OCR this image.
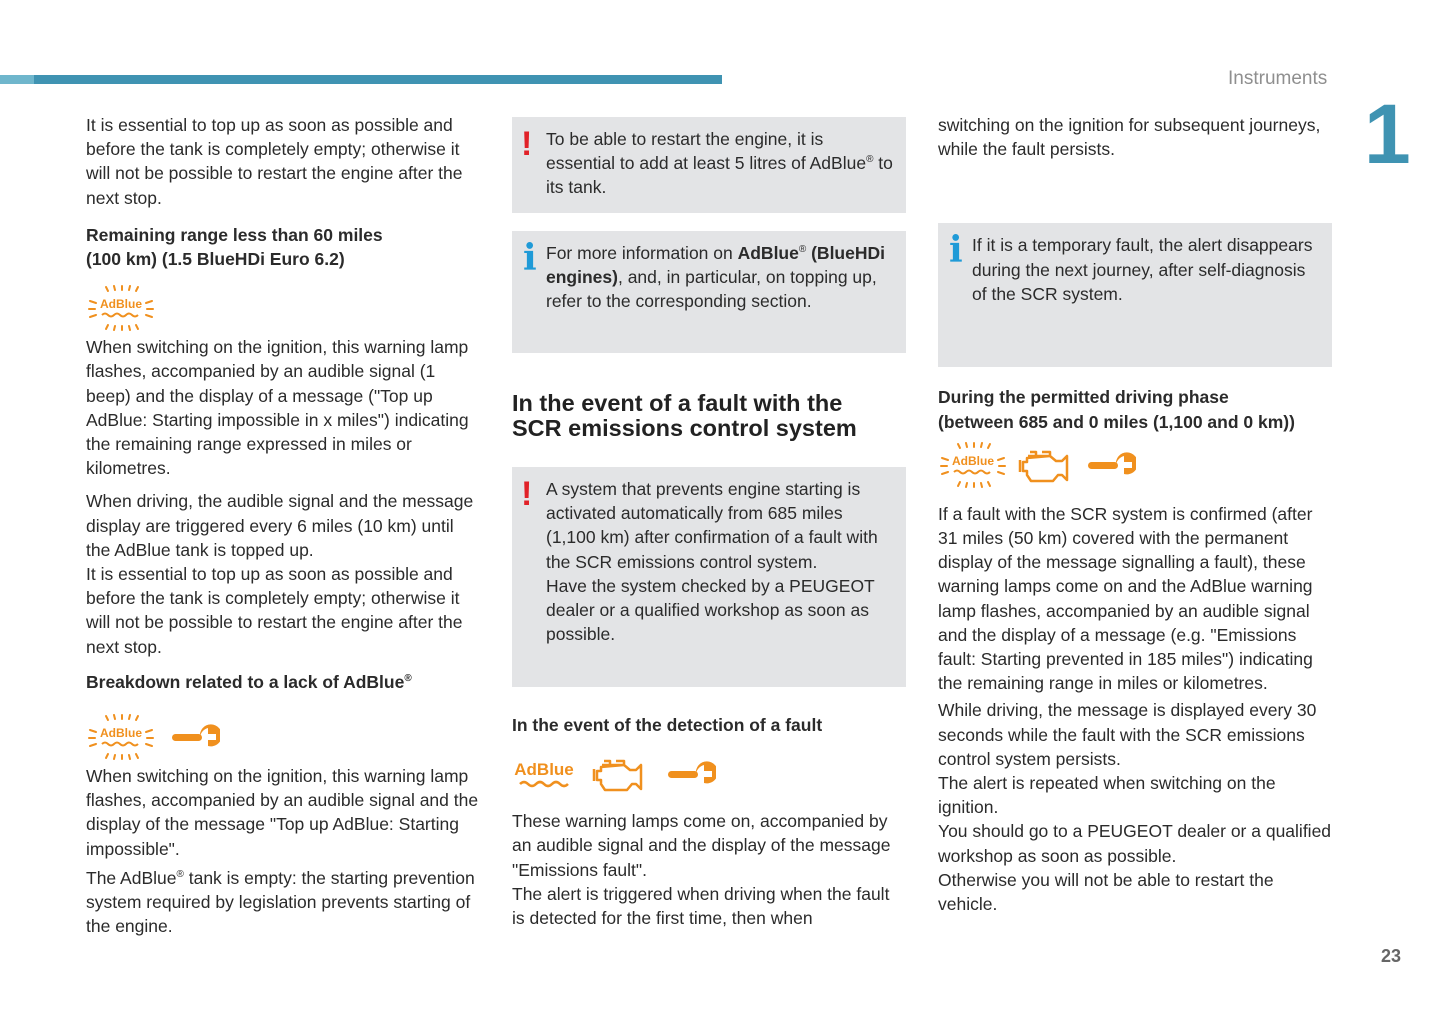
Instruments
1
23

It is essential to top up as soon as possible and before the tank is completely empty; otherwise it will not be possible to restart the engine after the next stop.

Remaining range less than 60 miles
(100 km) (1.5 BlueHDi Euro 6.2)

AdBlue

When switching on the ignition, this warning lamp flashes, accompanied by an audible signal (1 beep) and the display of a message ("Top up AdBlue: Starting impossible in x miles") indicating the remaining range expressed in miles or kilometres.

When driving, the audible signal and the message display are triggered every 6 miles (10 km) until the AdBlue tank is topped up.

It is essential to top up as soon as possible and before the tank is completely empty; otherwise it will not be possible to restart the engine after the next stop.

Breakdown related to a lack of AdBlue®

AdBlue

When switching on the ignition, this warning lamp flashes, accompanied by an audible signal and the display of the message "Top up AdBlue: Starting impossible".

The AdBlue® tank is empty: the starting prevention system required by legislation prevents starting of the engine.

! To be able to restart the engine, it is essential to add at least 5 litres of AdBlue® to its tank.

i For more information on AdBlue® (BlueHDi engines), and, in particular, on topping up, refer to the corresponding section.

In the event of a fault with the
SCR emissions control system
! A system that prevents engine starting is activated automatically from 685 miles (1,100 km) after confirmation of a fault with the SCR emissions control system.

Have the system checked by a PEUGEOT dealer or a qualified workshop as soon as possible.

In the event of the detection of a fault

AdBlue

These warning lamps come on, accompanied by an audible signal and the display of the message "Emissions fault".

The alert is triggered when driving when the fault is detected for the first time, then when

switching on the ignition for subsequent journeys, while the fault persists.

i If it is a temporary fault, the alert disappears during the next journey, after self-diagnosis of the SCR system.

During the permitted driving phase
(between 685 and 0 miles (1,100 and 0 km))

AdBlue

If a fault with the SCR system is confirmed (after 31 miles (50 km) covered with the permanent display of the message signalling a fault), these warning lamps come on and the AdBlue warning lamp flashes, accompanied by an audible signal and the display of a message (e.g. "Emissions fault: Starting prevented in 185 miles") indicating the remaining range in miles or kilometres.

While driving, the message is displayed every 30 seconds while the fault with the SCR emissions control system persists.

The alert is repeated when switching on the ignition.

You should go to a PEUGEOT dealer or a qualified workshop as soon as possible.

Otherwise you will not be able to restart the vehicle.
